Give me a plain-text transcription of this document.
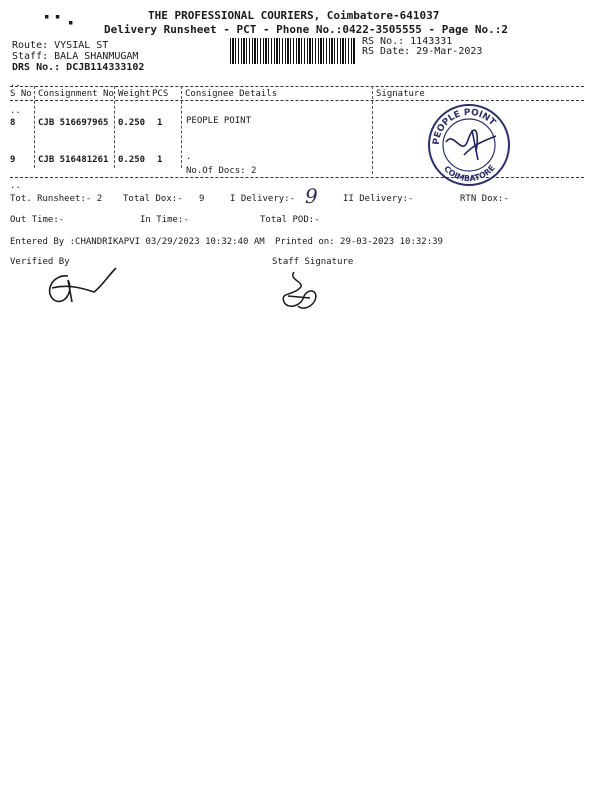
▪ ▪
▪
THE PROFESSIONAL COURIERS, Coimbatore-641037
Delivery Runsheet - PCT - Phone No.:0422-3505555 - Page No.:2
RS No.: 1143331
RS Date: 29-Mar-2023
Route: VYSIAL ST
Staff: BALA SHANMUGAM
DRS No.: DCJB114333102
..
S No Consignment No Weight PCS Consignee Details	Signature
..
8	CJB 516697965 0.250 1	PEOPLE POINT
9	CJB 516481261 0.250 1	.
No.Of Docs: 2
PEOPLE POINT
COIMBATORE
..
Tot. Runsheet:- 2 Total Dox:- 9	I Delivery:- 9	II Delivery:-	RTN Dox:-
Out Time:-	In Time:-	Total POD:-
Entered By :CHANDRIKAPVI 03/29/2023 10:32:40 AM Printed on: 29-03-2023 10:32:39
Verified By	Staff Signature
